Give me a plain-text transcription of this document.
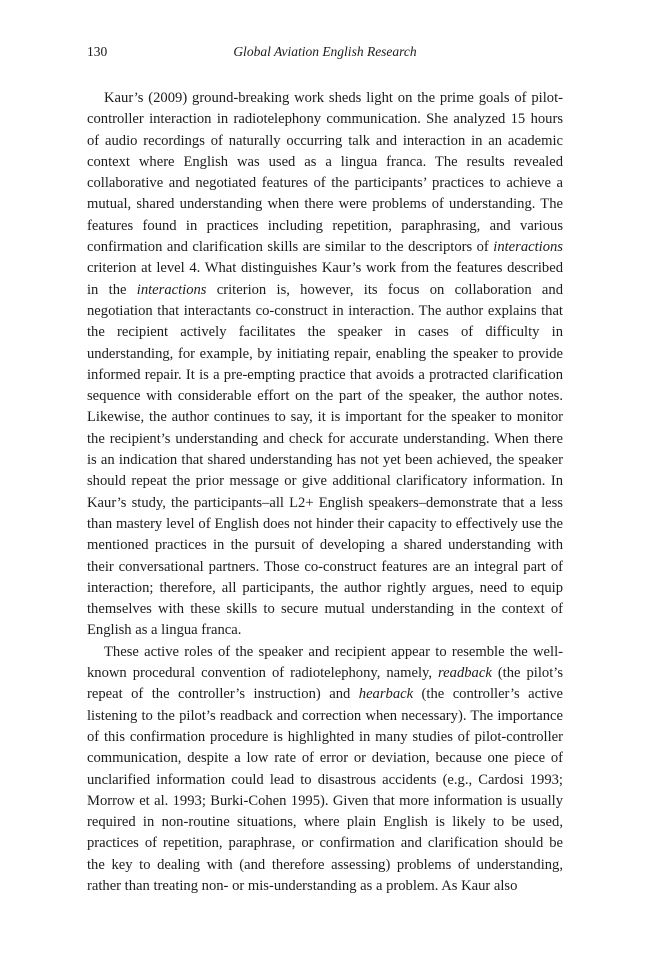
130	Global Aviation English Research

Kaur’s (2009) ground-breaking work sheds light on the prime goals of pilot-controller interaction in radiotelephony communication. She analyzed 15 hours of audio recordings of naturally occurring talk and interaction in an academic context where English was used as a lingua franca. The results revealed collaborative and negotiated features of the participants’ practices to achieve a mutual, shared understanding when there were problems of understanding. The features found in practices including repetition, paraphrasing, and various confirmation and clarification skills are similar to the descriptors of interactions criterion at level 4. What distinguishes Kaur’s work from the features described in the interactions criterion is, however, its focus on collaboration and negotiation that interactants co-construct in interaction. The author explains that the recipient actively facilitates the speaker in cases of difficulty in understanding, for example, by initiating repair, enabling the speaker to provide informed repair. It is a pre-empting practice that avoids a protracted clarification sequence with considerable effort on the part of the speaker, the author notes. Likewise, the author continues to say, it is important for the speaker to monitor the recipient’s understanding and check for accurate understanding. When there is an indication that shared understanding has not yet been achieved, the speaker should repeat the prior message or give additional clarificatory information. In Kaur’s study, the participants–all L2+ English speakers–demonstrate that a less than mastery level of English does not hinder their capacity to effectively use the mentioned practices in the pursuit of developing a shared understanding with their conversational partners. Those co-construct features are an integral part of interaction; therefore, all participants, the author rightly argues, need to equip themselves with these skills to secure mutual understanding in the context of English as a lingua franca.

These active roles of the speaker and recipient appear to resemble the well-known procedural convention of radiotelephony, namely, readback (the pilot’s repeat of the controller’s instruction) and hearback (the controller’s active listening to the pilot’s readback and correction when necessary). The importance of this confirmation procedure is highlighted in many studies of pilot-controller communication, despite a low rate of error or deviation, because one piece of unclarified information could lead to disastrous accidents (e.g., Cardosi 1993; Morrow et al. 1993; Burki-Cohen 1995). Given that more information is usually required in non-routine situations, where plain English is likely to be used, practices of repetition, paraphrase, or confirmation and clarification should be the key to dealing with (and therefore assessing) problems of understanding, rather than treating non- or mis-understanding as a problem. As Kaur also
